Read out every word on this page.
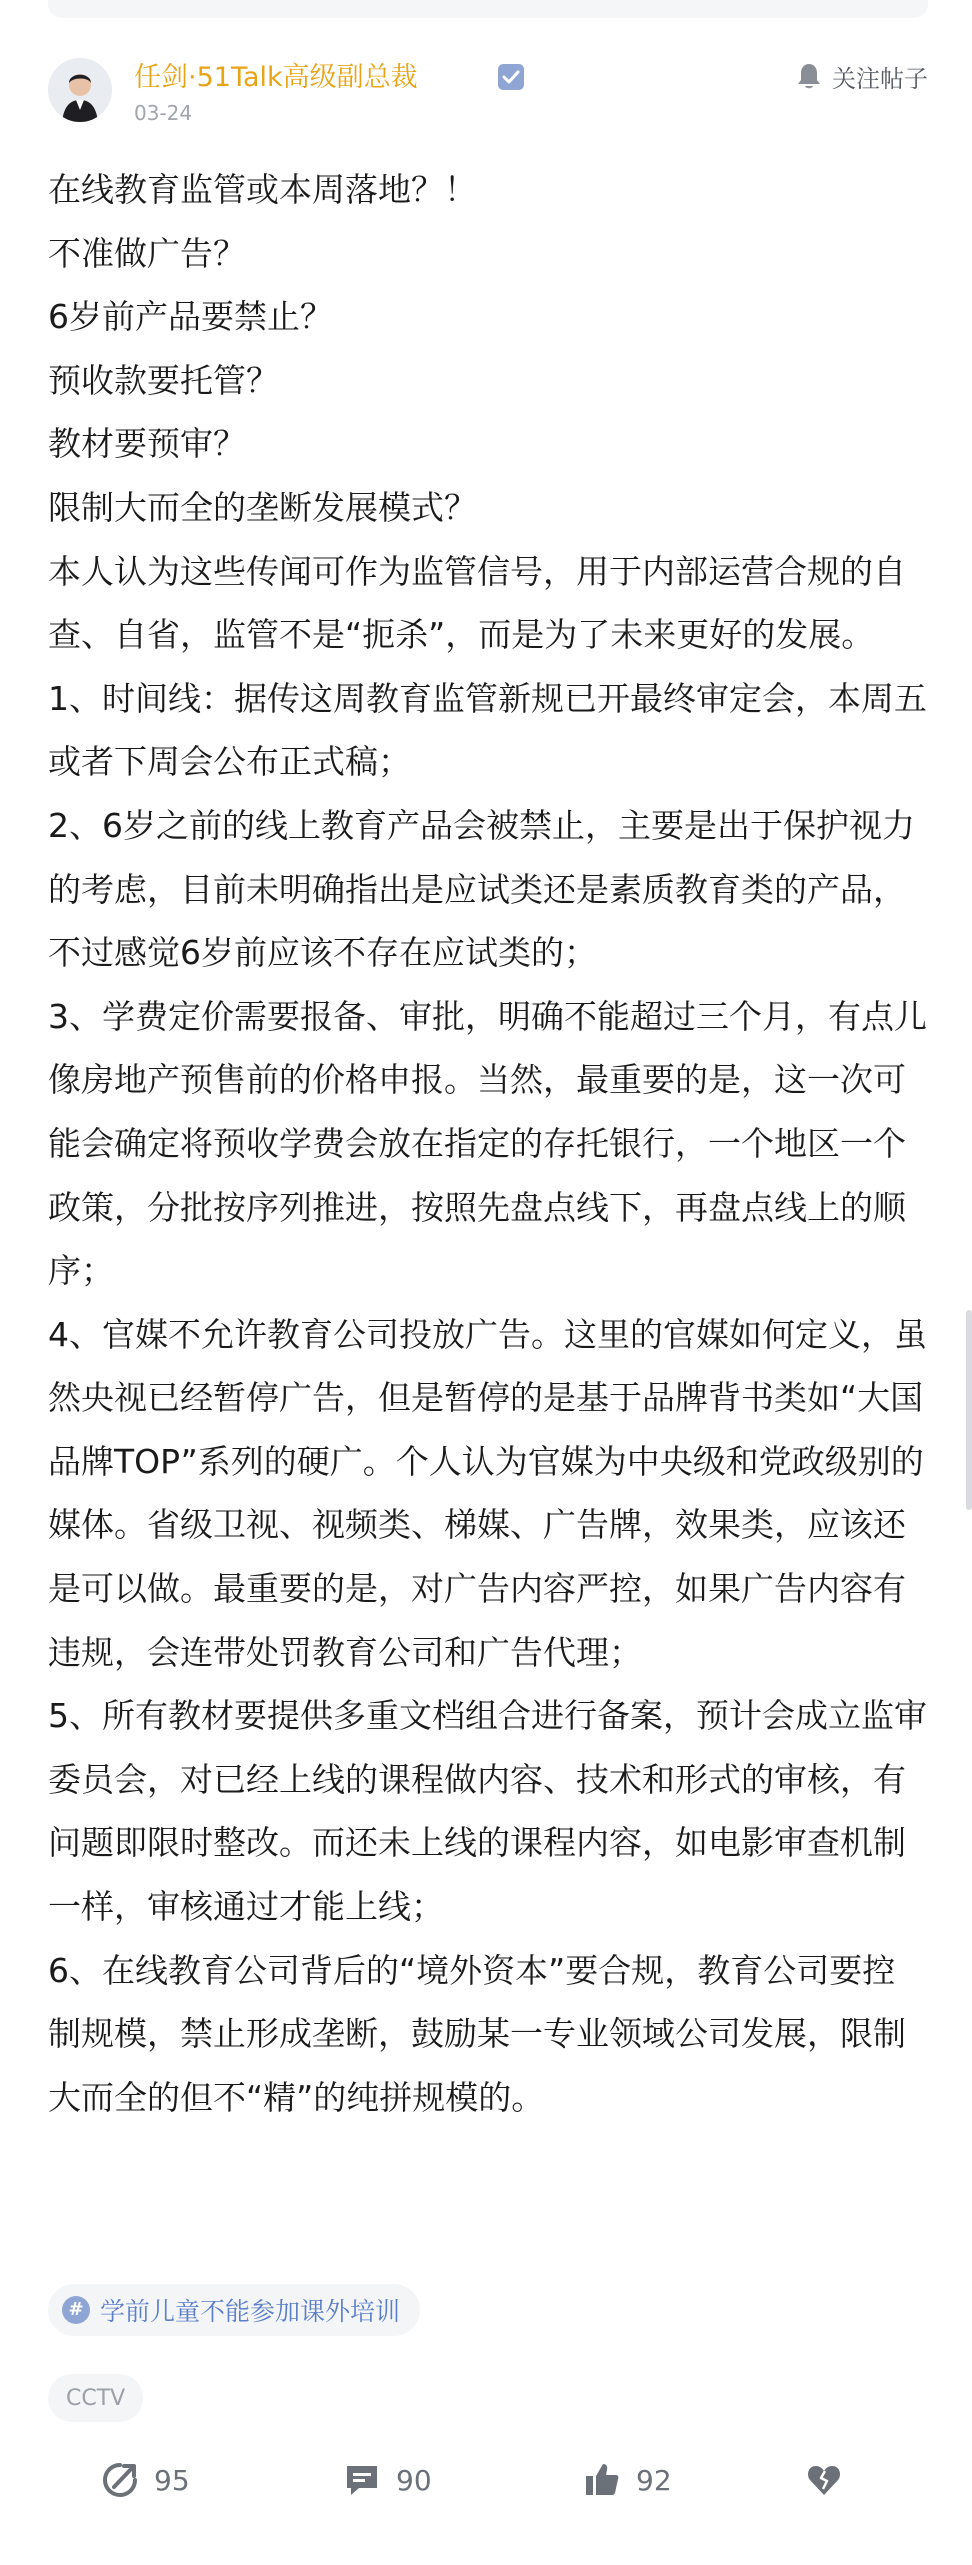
任剑·51Talk高级副总裁
03-24
关注帖子

在线教育监管或本周落地？！

不准做广告？

6岁前产品要禁止？

预收款要托管？

教材要预审？

限制大而全的垄断发展模式？

本人认为这些传闻可作为监管信号，用于内部运营合规的自查、自省，监管不是“扼杀”，而是为了未来更好的发展。

1、时间线：据传这周教育监管新规已开最终审定会，本周五或者下周会公布正式稿；

2、6岁之前的线上教育产品会被禁止，主要是出于保护视力的考虑，目前未明确指出是应试类还是素质教育类的产品，不过感觉6岁前应该不存在应试类的；

3、学费定价需要报备、审批，明确不能超过三个月，有点儿像房地产预售前的价格申报。当然，最重要的是，这一次可能会确定将预收学费会放在指定的存托银行，一个地区一个政策，分批按序列推进，按照先盘点线下，再盘点线上的顺序；

4、官媒不允许教育公司投放广告。这里的官媒如何定义，虽然央视已经暂停广告，但是暂停的是基于品牌背书类如“大国品牌TOP”系列的硬广。个人认为官媒为中央级和党政级别的媒体。省级卫视、视频类、梯媒、广告牌，效果类，应该还是可以做。最重要的是，对广告内容严控，如果广告内容有违规，会连带处罚教育公司和广告代理；

5、所有教材要提供多重文档组合进行备案，预计会成立监审委员会，对已经上线的课程做内容、技术和形式的审核，有问题即限时整改。而还未上线的课程内容，如电影审查机制一样，审核通过才能上线；

6、在线教育公司背后的“境外资本”要合规，教育公司要控制规模，禁止形成垄断，鼓励某一专业领域公司发展，限制大而全的但不“精”的纯拼规模的。

# 学前儿童不能参加课外培训
CCTV
95	90	92
